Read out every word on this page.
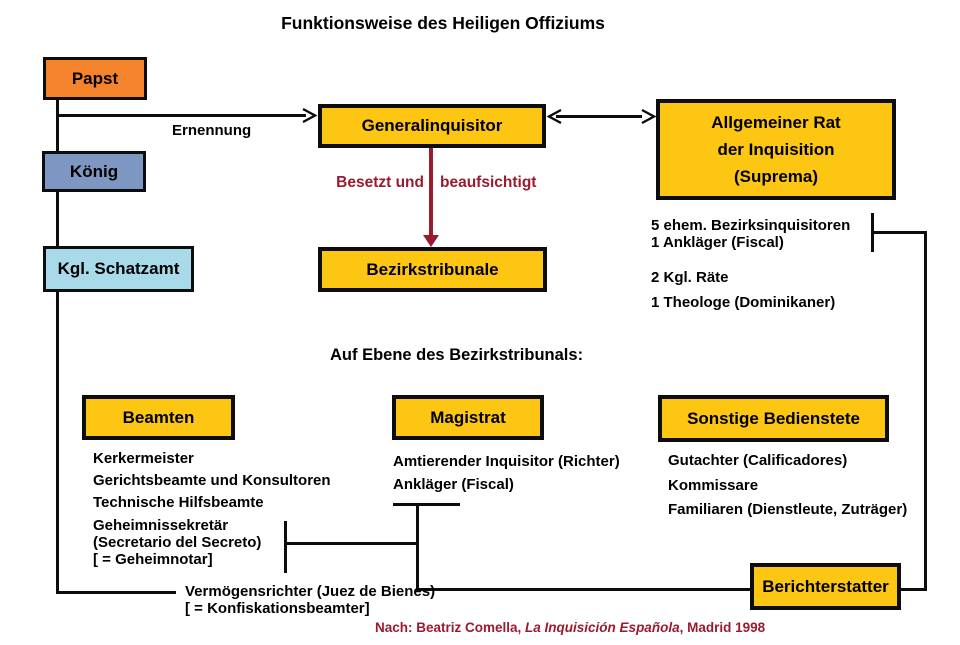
Funktionsweise des Heiligen Offiziums
Ernennung
Besetzt und beaufsichtigt
Papst
König
Kgl. Schatzamt
Generalinquisitor	Allgemeiner Rat
der Inquisition
(Suprema)
Bezirkstribunale
Beamten	Magistrat	Sonstige Bedienstete
Berichterstatter
5 ehem. Bezirksinquisitoren
1 Ankläger (Fiscal)
2 Kgl. Räte
1 Theologe (Dominikaner)
Auf Ebene des Bezirkstribunals:
Kerkermeister
Gerichtsbeamte und Konsultoren
Technische Hilfsbeamte
Geheimnissekretär
(Secretario del Secreto)
[ = Geheimnotar]
Vermögensrichter (Juez de Bienes)
[ = Konfiskationsbeamter]
Amtierender Inquisitor (Richter)
Ankläger (Fiscal)
Gutachter (Calificadores)
Kommissare
Familiaren (Dienstleute, Zuträger)
Nach: Beatriz Comella, La Inquisición Española, Madrid 1998
